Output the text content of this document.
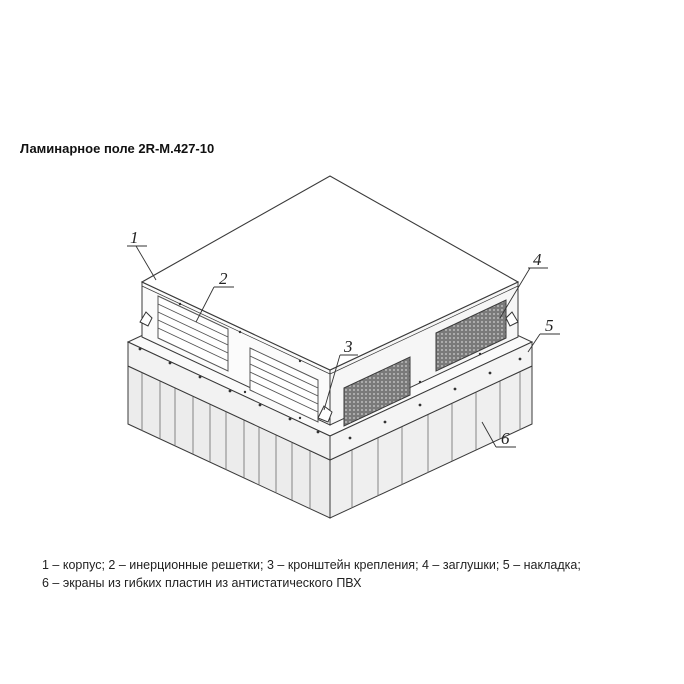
Ламинарное поле 2R-M.427-10
1
2
3
4
5
6
1 – корпус; 2 – инерционные решетки; 3 – кронштейн крепления; 4 – заглушки; 5 – накладка;
6 – экраны из гибких пластин из антистатического ПВХ
